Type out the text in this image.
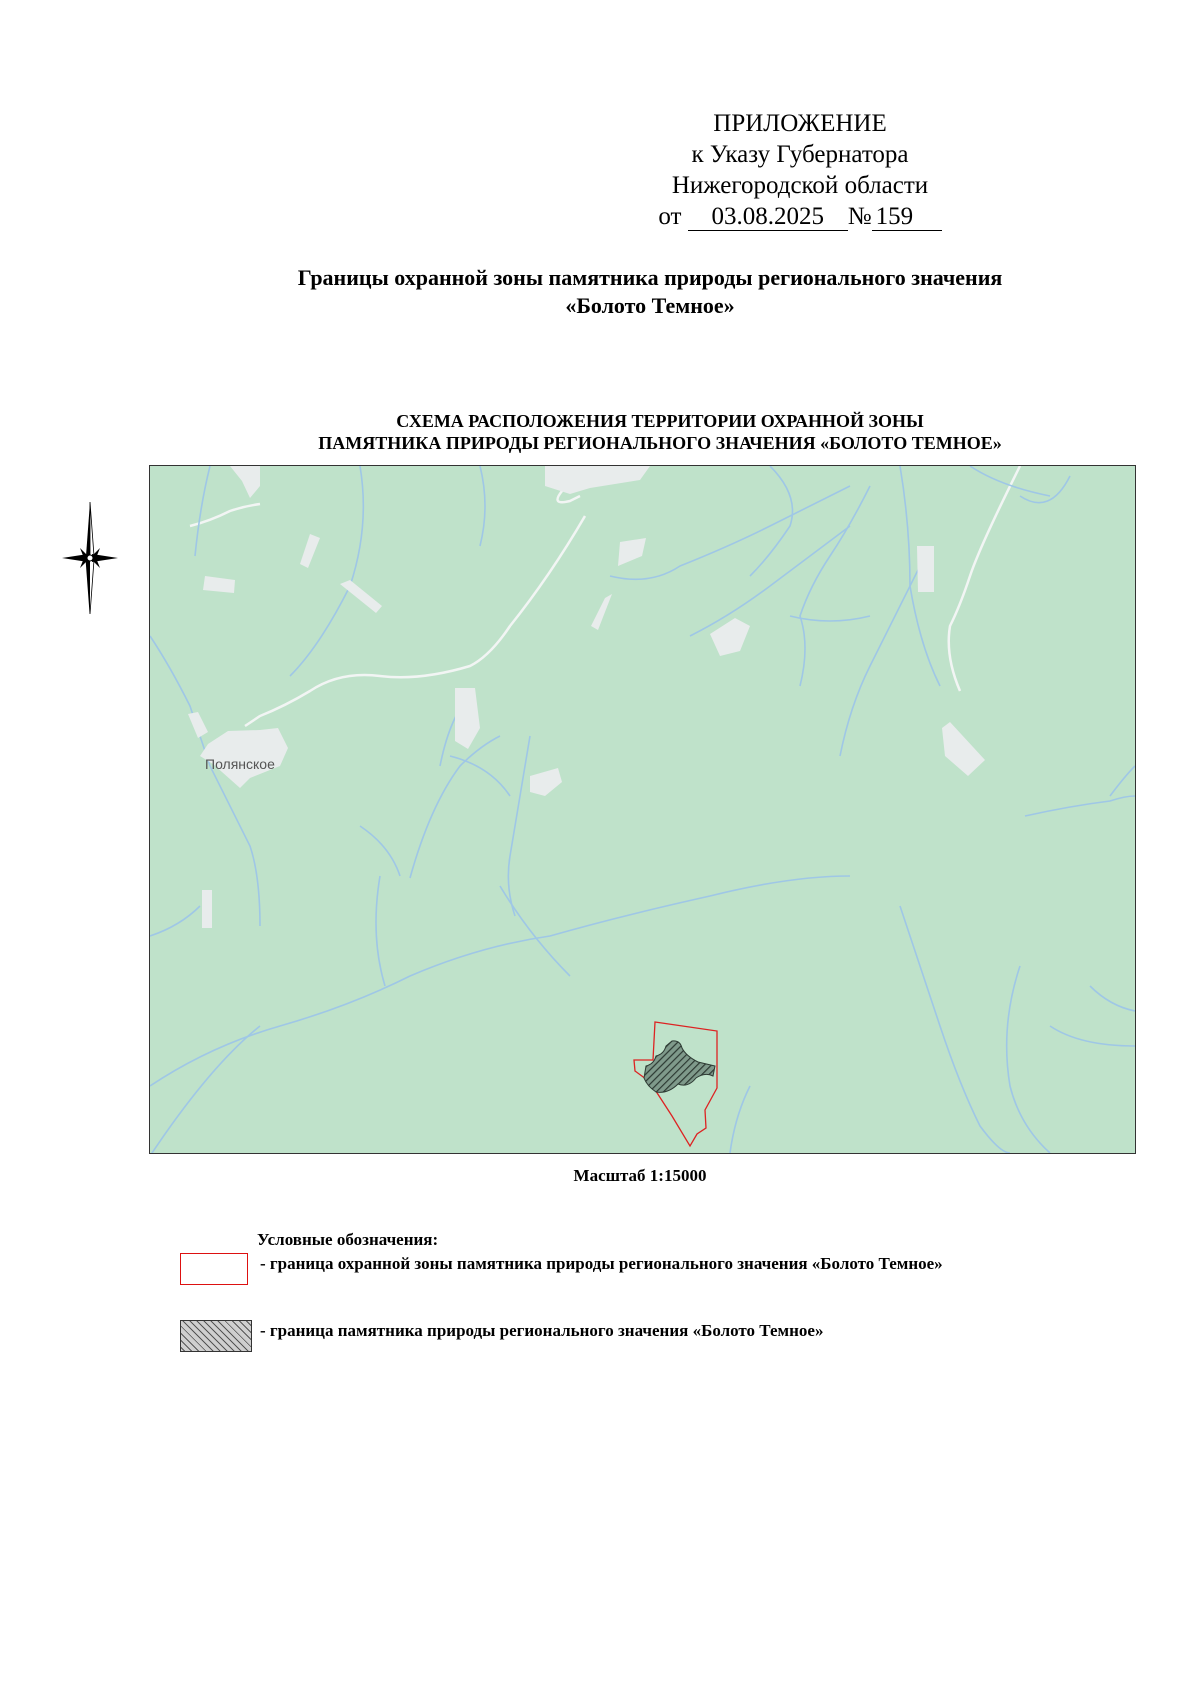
ПРИЛОЖЕНИЕ
к Указу Губернатора
Нижегородской области
от 03.08.2025 № 159
Границы охранной зоны памятника природы регионального значения
«Болото Темное»
СХЕМА РАСПОЛОЖЕНИЯ ТЕРРИТОРИИ ОХРАННОЙ ЗОНЫ
ПАМЯТНИКА ПРИРОДЫ РЕГИОНАЛЬНОГО ЗНАЧЕНИЯ «БОЛОТО ТЕМНОЕ»
Полянское
Масштаб 1:15000
Условные обозначения:
- граница охранной зоны памятника природы регионального значения «Болото Темное»
- граница памятника природы регионального значения «Болото Темное»
